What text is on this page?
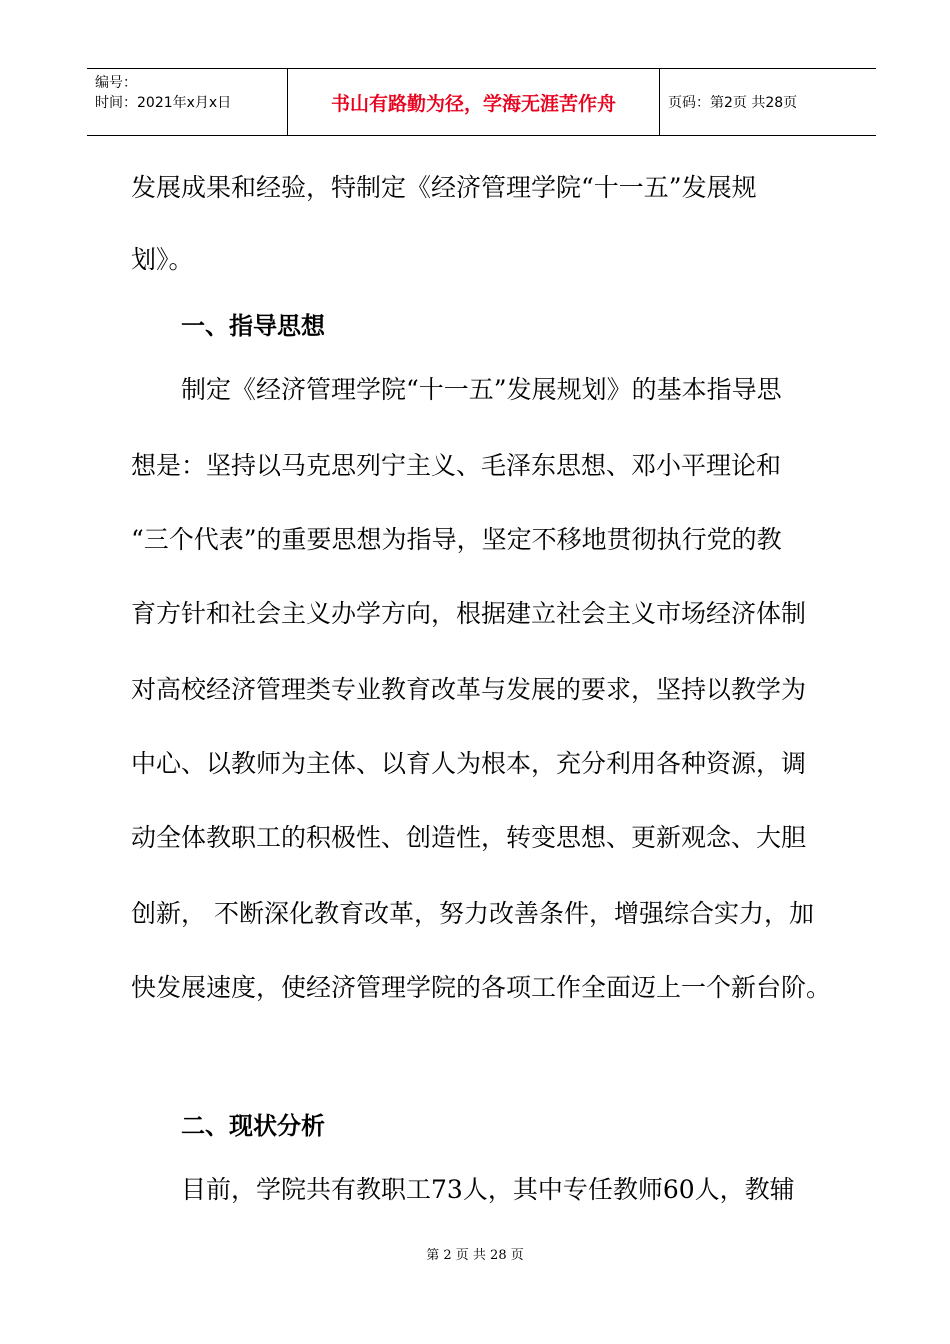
编号：
时间：2021年x月x日	书山有路勤为径，学海无涯苦作舟	页码：第2页 共28页
发展成果和经验，特制定《经济管理学院“十一五”发展规
划》。
一、指导思想
制定《经济管理学院“十一五”发展规划》的基本指导思
想是：坚持以马克思列宁主义、毛泽东思想、邓小平理论和
“三个代表”的重要思想为指导，坚定不移地贯彻执行党的教
育方针和社会主义办学方向，根据建立社会主义市场经济体制
对高校经济管理类专业教育改革与发展的要求，坚持以教学为
中心、以教师为主体、以育人为根本，充分利用各种资源，调
动全体教职工的积极性、创造性，转变思想、更新观念、大胆
创新， 不断深化教育改革，努力改善条件，增强综合实力，加
快发展速度，使经济管理学院的各项工作全面迈上一个新台阶。
二、现状分析
目前，学院共有教职工73人，其中专任教师60人，教辅
第 2 页 共 28 页
